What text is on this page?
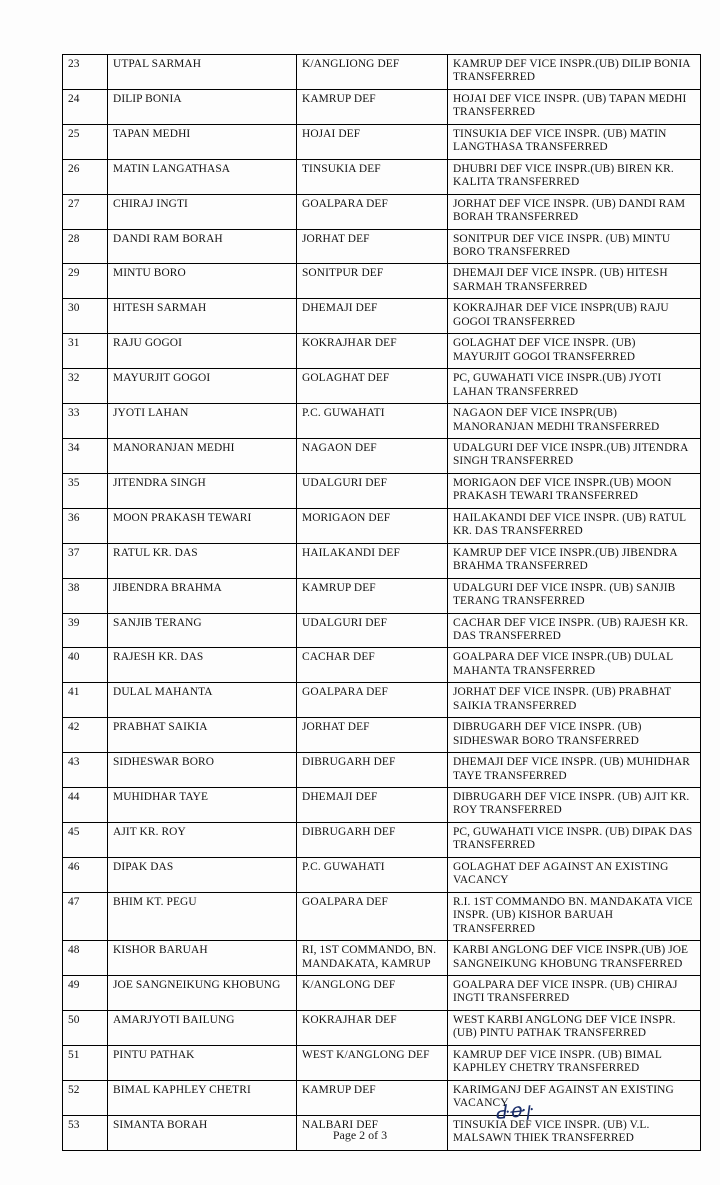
23	UTPAL SARMAH	K/ANGLIONG DEF	KAMRUP DEF VICE INSPR.(UB) DILIP BONIA TRANSFERRED
24	DILIP BONIA	KAMRUP DEF	HOJAI DEF VICE INSPR. (UB) TAPAN MEDHI TRANSFERRED
25	TAPAN MEDHI	HOJAI DEF	TINSUKIA DEF VICE INSPR. (UB) MATIN LANGTHASA TRANSFERRED
26	MATIN LANGATHASA	TINSUKIA DEF	DHUBRI DEF VICE INSPR.(UB) BIREN KR. KALITA TRANSFERRED
27	CHIRAJ INGTI	GOALPARA DEF	JORHAT DEF VICE INSPR. (UB) DANDI RAM BORAH TRANSFERRED
28	DANDI RAM BORAH	JORHAT DEF	SONITPUR DEF VICE INSPR. (UB) MINTU BORO TRANSFERRED
29	MINTU BORO	SONITPUR DEF	DHEMAJI DEF VICE INSPR. (UB) HITESH SARMAH TRANSFERRED
30	HITESH SARMAH	DHEMAJI DEF	KOKRAJHAR DEF VICE INSPR(UB) RAJU GOGOI TRANSFERRED
31	RAJU GOGOI	KOKRAJHAR DEF	GOLAGHAT DEF VICE INSPR. (UB) MAYURJIT GOGOI TRANSFERRED
32	MAYURJIT GOGOI	GOLAGHAT DEF	PC, GUWAHATI VICE INSPR.(UB) JYOTI LAHAN TRANSFERRED
33	JYOTI LAHAN	P.C. GUWAHATI	NAGAON DEF VICE INSPR(UB) MANORANJAN MEDHI TRANSFERRED
34	MANORANJAN MEDHI	NAGAON DEF	UDALGURI DEF VICE INSPR.(UB) JITENDRA SINGH TRANSFERRED
35	JITENDRA SINGH	UDALGURI DEF	MORIGAON DEF VICE INSPR.(UB) MOON PRAKASH TEWARI TRANSFERRED
36	MOON PRAKASH TEWARI	MORIGAON DEF	HAILAKANDI DEF VICE INSPR. (UB) RATUL KR. DAS TRANSFERRED
37	RATUL KR. DAS	HAILAKANDI DEF	KAMRUP DEF VICE INSPR.(UB) JIBENDRA BRAHMA TRANSFERRED
38	JIBENDRA BRAHMA	KAMRUP DEF	UDALGURI DEF VICE INSPR. (UB) SANJIB TERANG TRANSFERRED
39	SANJIB TERANG	UDALGURI DEF	CACHAR DEF VICE INSPR. (UB) RAJESH KR. DAS TRANSFERRED
40	RAJESH KR. DAS	CACHAR DEF	GOALPARA DEF VICE INSPR.(UB) DULAL MAHANTA TRANSFERRED
41	DULAL MAHANTA	GOALPARA DEF	JORHAT DEF VICE INSPR. (UB) PRABHAT SAIKIA TRANSFERRED
42	PRABHAT SAIKIA	JORHAT DEF	DIBRUGARH DEF VICE INSPR. (UB) SIDHESWAR BORO TRANSFERRED
43	SIDHESWAR BORO	DIBRUGARH DEF	DHEMAJI DEF VICE INSPR. (UB) MUHIDHAR TAYE TRANSFERRED
44	MUHIDHAR TAYE	DHEMAJI DEF	DIBRUGARH DEF VICE INSPR. (UB) AJIT KR. ROY TRANSFERRED
45	AJIT KR. ROY	DIBRUGARH DEF	PC, GUWAHATI VICE INSPR. (UB) DIPAK DAS TRANSFERRED
46	DIPAK DAS	P.C. GUWAHATI	GOLAGHAT DEF AGAINST AN EXISTING VACANCY
47	BHIM KT. PEGU	GOALPARA DEF	R.I. 1ST COMMANDO BN. MANDAKATA VICE INSPR. (UB) KISHOR BARUAH TRANSFERRED
48	KISHOR BARUAH	RI, 1ST COMMANDO, BN. MANDAKATA, KAMRUP	KARBI ANGLONG DEF VICE INSPR.(UB) JOE SANGNEIKUNG KHOBUNG TRANSFERRED
49	JOE SANGNEIKUNG KHOBUNG	K/ANGLONG DEF	GOALPARA DEF VICE INSPR. (UB) CHIRAJ INGTI TRANSFERRED
50	AMARJYOTI BAILUNG	KOKRAJHAR DEF	WEST KARBI ANGLONG DEF VICE INSPR. (UB) PINTU PATHAK TRANSFERRED
51	PINTU PATHAK	WEST K/ANGLONG DEF	KAMRUP DEF VICE INSPR. (UB) BIMAL KAPHLEY CHETRY TRANSFERRED
52	BIMAL KAPHLEY CHETRI	KAMRUP DEF	KARIMGANJ DEF AGAINST AN EXISTING VACANCY
53	SIMANTA BORAH	NALBARI DEF	TINSUKIA DEF VICE INSPR. (UB) V.L. MALSAWN THIEK TRANSFERRED
ꓒ·ꝋ·ꞁ·
Page 2 of 3
